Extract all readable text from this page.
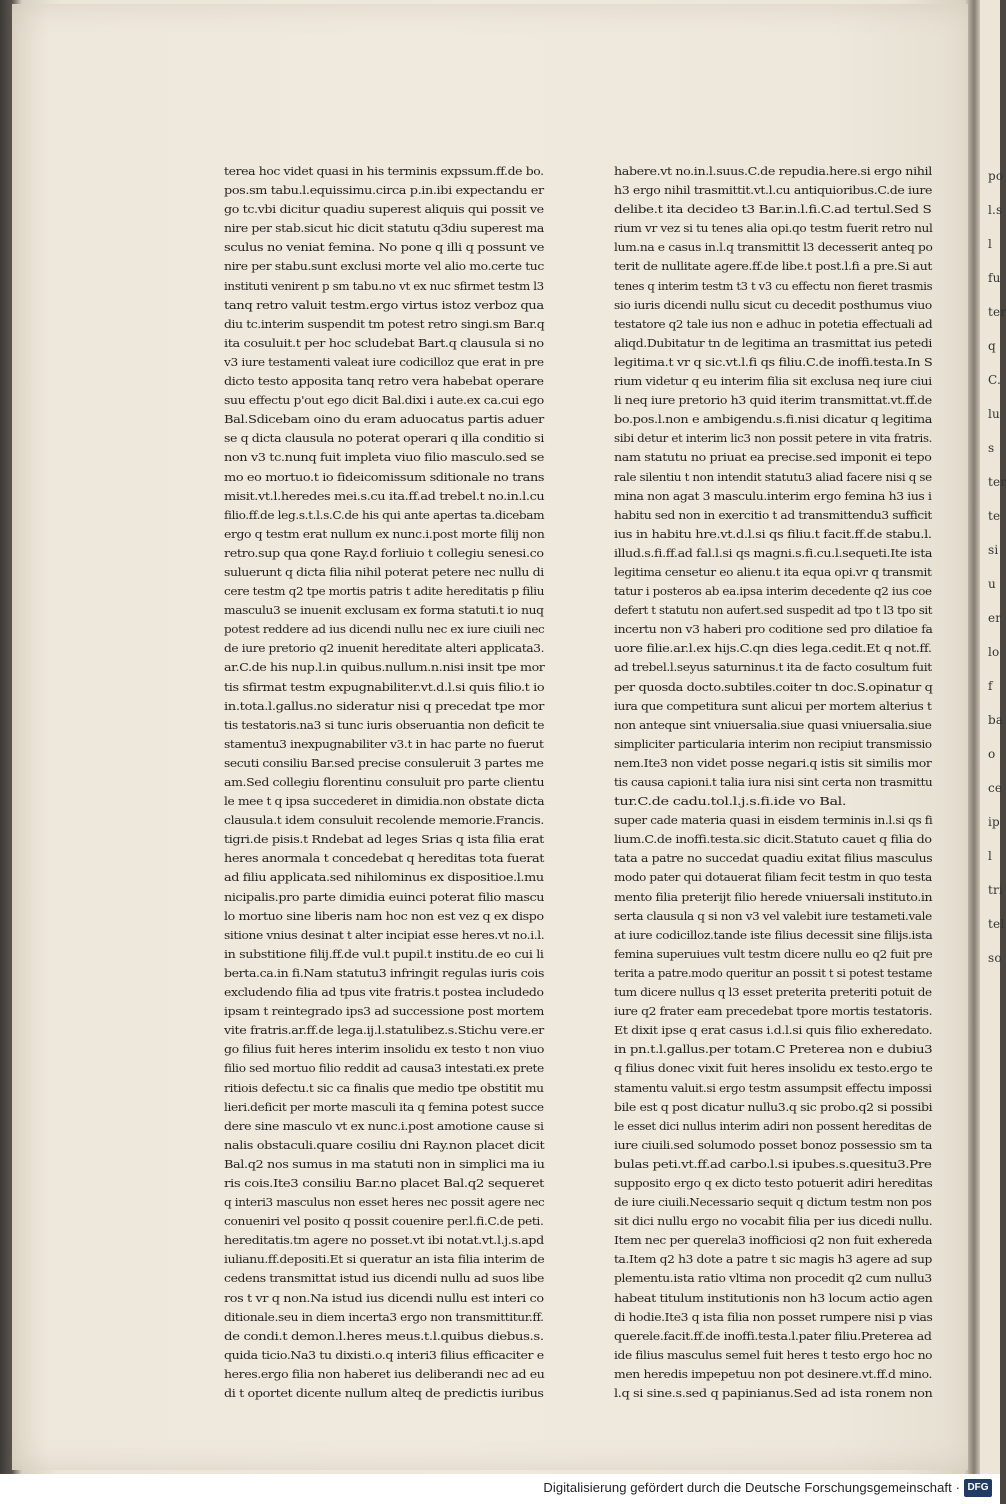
po
l.s
l
fu
ter
q
C.
lu
s
ter
te
si
u
er
lo
f
ba
o
ce
ip
l
tri
tel
so
terea hoc videt quasi in his terminis expssum.ff.de bo.
pos.sm tabu.l.equissimu.circa p.in.ibi expectandu er
go tc.vbi dicitur quadiu superest aliquis qui possit ve
nire per stab.sicut hic dicit statutu q3diu superest ma
sculus no veniat femina. No pone q illi q possunt ve
nire per stabu.sunt exclusi morte vel alio mo.certe tuc
instituti venirent p sm tabu.no vt ex nuc sfirmet testm l3
tanq retro valuit testm.ergo virtus istoz verboz qua
diu tc.interim suspendit tm potest retro singi.sm Bar.q
ita cosuluit.t per hoc scludebat Bart.q clausula si no
v3 iure testamenti valeat iure codicilloz que erat in pre
dicto testo apposita tanq retro vera habebat operare
suu effectu p'out ego dicit Bal.dixi i aute.ex ca.cui ego
Bal.Sdicebam oino du eram aduocatus partis aduer
se q dicta clausula no poterat operari q illa conditio si
non v3 tc.nunq fuit impleta viuo filio masculo.sed se
mo eo mortuo.t io fideicomissum sditionale no trans
misit.vt.l.heredes mei.s.cu ita.ff.ad trebel.t no.in.l.cu
filio.ff.de leg.s.t.l.s.C.de his qui ante apertas ta.dicebam
ergo q testm erat nullum ex nunc.i.post morte filij non
retro.sup qua qone Ray.d forliuio t collegiu senesi.co
suluerunt q dicta filia nihil poterat petere nec nullu di
cere testm q2 tpe mortis patris t adite hereditatis p filiu
masculu3 se inuenit exclusam ex forma statuti.t io nuq
potest reddere ad ius dicendi nullu nec ex iure ciuili nec
de iure pretorio q2 inuenit hereditate alteri applicata3.
ar.C.de his nup.l.in quibus.nullum.n.nisi insit tpe mor
tis sfirmat testm expugnabiliter.vt.d.l.si quis filio.t io
in.tota.l.gallus.no sideratur nisi q precedat tpe mor
tis testatoris.na3 si tunc iuris obseruantia non deficit te
stamentu3 inexpugnabiliter v3.t in hac parte no fuerut
secuti consiliu Bar.sed precise consuleruit 3 partes me
am.Sed collegiu florentinu consuluit pro parte clientu
le mee t q ipsa succederet in dimidia.non obstate dicta
clausula.t idem consuluit recolende memorie.Francis.
tigri.de pisis.t Rndebat ad leges Srias q ista filia erat
heres anormala t concedebat q hereditas tota fuerat
ad filiu applicata.sed nihilominus ex dispositioe.l.mu
nicipalis.pro parte dimidia euinci poterat filio mascu
lo mortuo sine liberis nam hoc non est vez q ex dispo
sitione vnius desinat t alter incipiat esse heres.vt no.i.l.
in substitione filij.ff.de vul.t pupil.t institu.de eo cui li
berta.ca.in fi.Nam statutu3 infringit regulas iuris cois
excludendo filia ad tpus vite fratris.t postea includedo
ipsam t reintegrado ips3 ad successione post mortem
vite fratris.ar.ff.de lega.ij.l.statulibez.s.Stichu vere.er
go filius fuit heres interim insolidu ex testo t non viuo
filio sed mortuo filio reddit ad causa3 intestati.ex prete
ritiois defectu.t sic ca finalis que medio tpe obstitit mu
lieri.deficit per morte masculi ita q femina potest succe
dere sine masculo vt ex nunc.i.post amotione cause si
nalis obstaculi.quare cosiliu dni Ray.non placet dicit
Bal.q2 nos sumus in ma statuti non in simplici ma iu
ris cois.Ite3 consiliu Bar.no placet Bal.q2 sequeret
q interi3 masculus non esset heres nec possit agere nec
conueniri vel posito q possit couenire per.l.fi.C.de peti.
hereditatis.tm agere no posset.vt ibi notat.vt.l.j.s.apd
iulianu.ff.depositi.Et si queratur an ista filia interim de
cedens transmittat istud ius dicendi nullu ad suos libe
ros t vr q non.Na istud ius dicendi nullu est interi co
ditionale.seu in diem incerta3 ergo non transmittitur.ff.
de condi.t demon.l.heres meus.t.l.quibus diebus.s.
quida ticio.Na3 tu dixisti.o.q interi3 filius efficaciter e
heres.ergo filia non haberet ius deliberandi nec ad eu
di t oportet dicente nullum alteq de predictis iuribus
habere.vt no.in.l.suus.C.de repudia.here.si ergo nihil
h3 ergo nihil trasmittit.vt.l.cu antiquioribus.C.de iure
delibe.t ita decideo t3 Bar.in.l.fi.C.ad tertul.Sed S
rium vr vez si tu tenes alia opi.qo testm fuerit retro nul
lum.na e casus in.l.q transmittit l3 decesserit anteq po
terit de nullitate agere.ff.de libe.t post.l.fi a pre.Si aut
tenes q interim testm t3 t v3 cu effectu non fieret trasmis
sio iuris dicendi nullu sicut cu decedit posthumus viuo
testatore q2 tale ius non e adhuc in potetia effectuali ad
aliqd.Dubitatur tn de legitima an trasmittat ius petedi
legitima.t vr q sic.vt.l.fi qs filiu.C.de inoffi.testa.In S
rium videtur q eu interim filia sit exclusa neq iure ciui
li neq iure pretorio h3 quid iterim transmittat.vt.ff.de
bo.pos.l.non e ambigendu.s.fi.nisi dicatur q legitima
sibi detur et interim lic3 non possit petere in vita fratris.
nam statutu no priuat ea precise.sed imponit ei tepo
rale silentiu t non intendit statutu3 aliad facere nisi q se
mina non agat 3 masculu.interim ergo femina h3 ius i
habitu sed non in exercitio t ad transmittendu3 sufficit
ius in habitu hre.vt.d.l.si qs filiu.t facit.ff.de stabu.l.
illud.s.fi.ff.ad fal.l.si qs magni.s.fi.cu.l.sequeti.Ite ista
legitima censetur eo alienu.t ita equa opi.vr q transmit
tatur i posteros ab ea.ipsa interim decedente q2 ius coe
defert t statutu non aufert.sed suspedit ad tpo t l3 tpo sit
incertu non v3 haberi pro coditione sed pro dilatioe fa
uore filie.ar.l.ex hijs.C.qn dies lega.cedit.Et q not.ff.
ad trebel.l.seyus saturninus.t ita de facto cosultum fuit
per quosda docto.subtiles.coiter tn doc.S.opinatur q
iura que competitura sunt alicui per mortem alterius t
non anteque sint vniuersalia.siue quasi vniuersalia.siue
simpliciter particularia interim non recipiut transmissio
nem.Ite3 non videt posse negari.q istis sit similis mor
tis causa capioni.t talia iura nisi sint certa non trasmittu
tur.C.de cadu.tol.l.j.s.fi.ide vo Bal.
super cade materia quasi in eisdem terminis in.l.si qs fi
lium.C.de inoffi.testa.sic dicit.Statuto cauet q filia do
tata a patre no succedat quadiu exitat filius masculus
modo pater qui dotauerat filiam fecit testm in quo testa
mento filia preterijt filio herede vniuersali instituto.in
serta clausula q si non v3 vel valebit iure testameti.vale
at iure codicilloz.tande iste filius decessit sine filijs.ista
femina superuiues vult testm dicere nullu eo q2 fuit pre
terita a patre.modo queritur an possit t si potest testame
tum dicere nullus q l3 esset preterita preteriti potuit de
iure q2 frater eam precedebat tpore mortis testatoris.
Et dixit ipse q erat casus i.d.l.si quis filio exheredato.
in pn.t.l.gallus.per totam.C Preterea non e dubiu3
q filius donec vixit fuit heres insolidu ex testo.ergo te
stamentu valuit.si ergo testm assumpsit effectu impossi
bile est q post dicatur nullu3.q sic probo.q2 si possibi
le esset dici nullus interim adiri non possent hereditas de
iure ciuili.sed solumodo posset bonoz possessio sm ta
bulas peti.vt.ff.ad carbo.l.si ipubes.s.quesitu3.Pre
supposito ergo q ex dicto testo potuerit adiri hereditas
de iure ciuili.Necessario sequit q dictum testm non pos
sit dici nullu ergo no vocabit filia per ius dicedi nullu.
Item nec per querela3 inofficiosi q2 non fuit exhereda
ta.Item q2 h3 dote a patre t sic magis h3 agere ad sup
plementu.ista ratio vltima non procedit q2 cum nullu3
habeat titulum institutionis non h3 locum actio agen
di hodie.Ite3 q ista filia non posset rumpere nisi p vias
querele.facit.ff.de inoffi.testa.l.pater filiu.Preterea ad
ide filius masculus semel fuit heres t testo ergo hoc no
men heredis impepetuu non pot desinere.vt.ff.d mino.
l.q si sine.s.sed q papinianus.Sed ad ista ronem non
Digitalisierung gefördert durch die Deutsche Forschungsgemeinschaft · DFG
